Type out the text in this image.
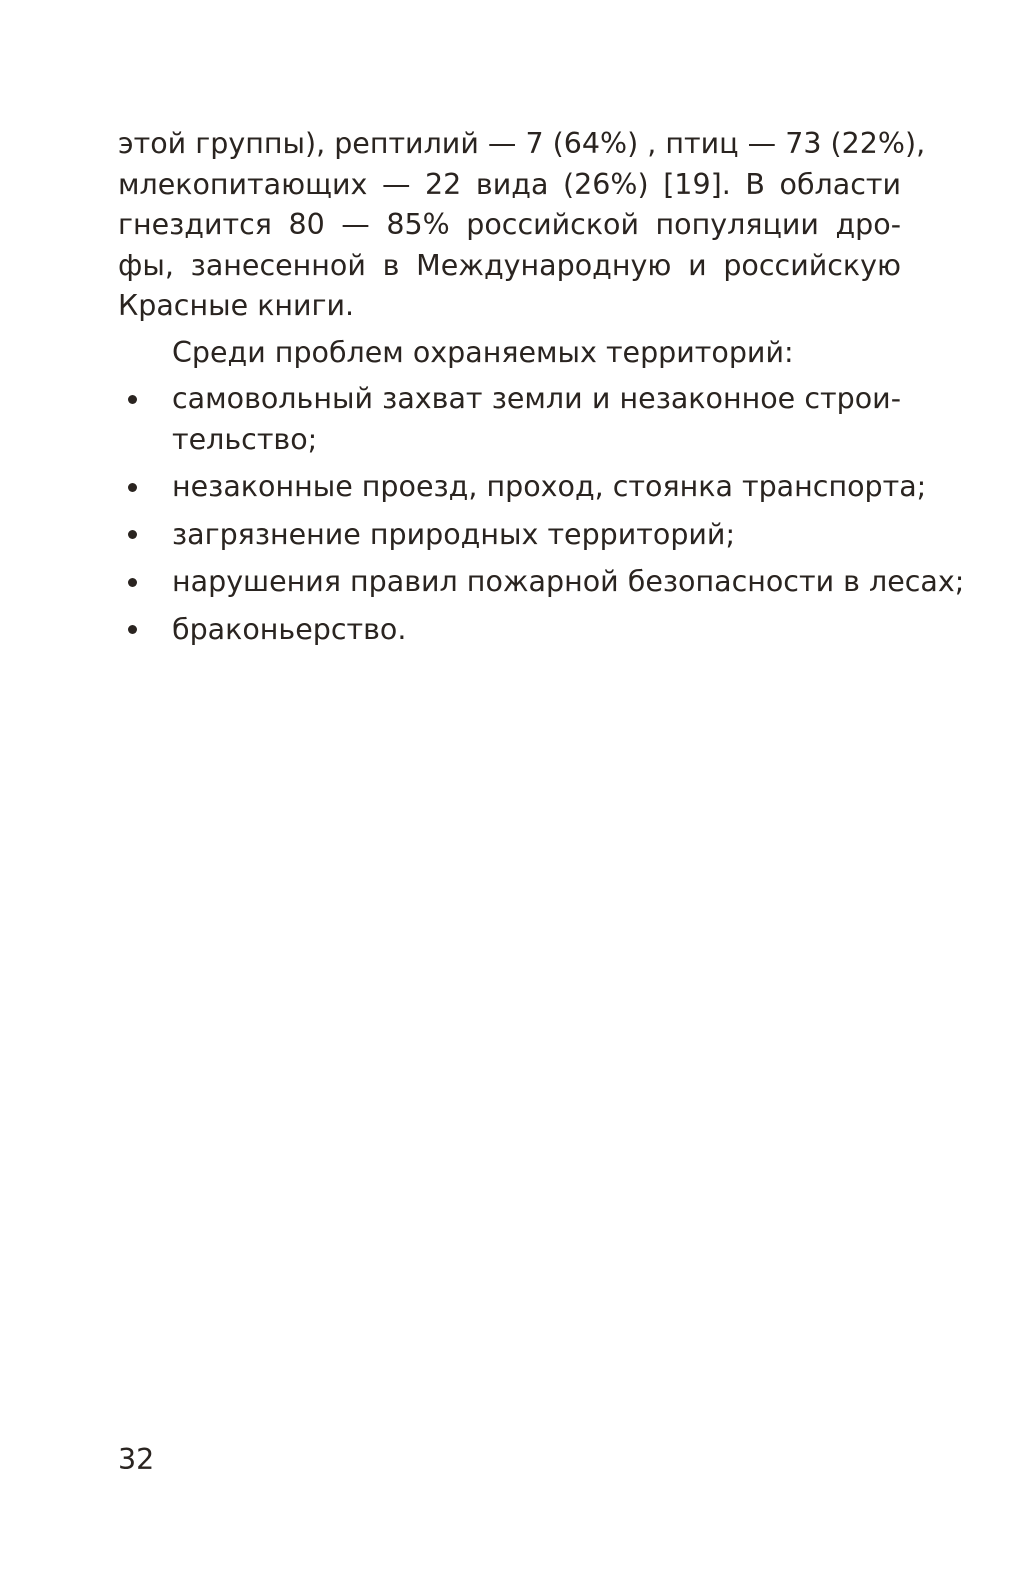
этой группы), рептилий — 7 (64%) , птиц — 73 (22%),
млекопитающих — 22 вида (26%) [19]. В области
гнездится 80 — 85% российской популяции дро-
фы, занесенной в Международную и российскую
Красные книги.
Среди проблем охраняемых территорий:
самовольный захват земли и незаконное строи-
тельство;
незаконные проезд, проход, стоянка транспорта;
загрязнение природных территорий;
нарушения правил пожарной безопасности в лесах;
браконьерство.
32
